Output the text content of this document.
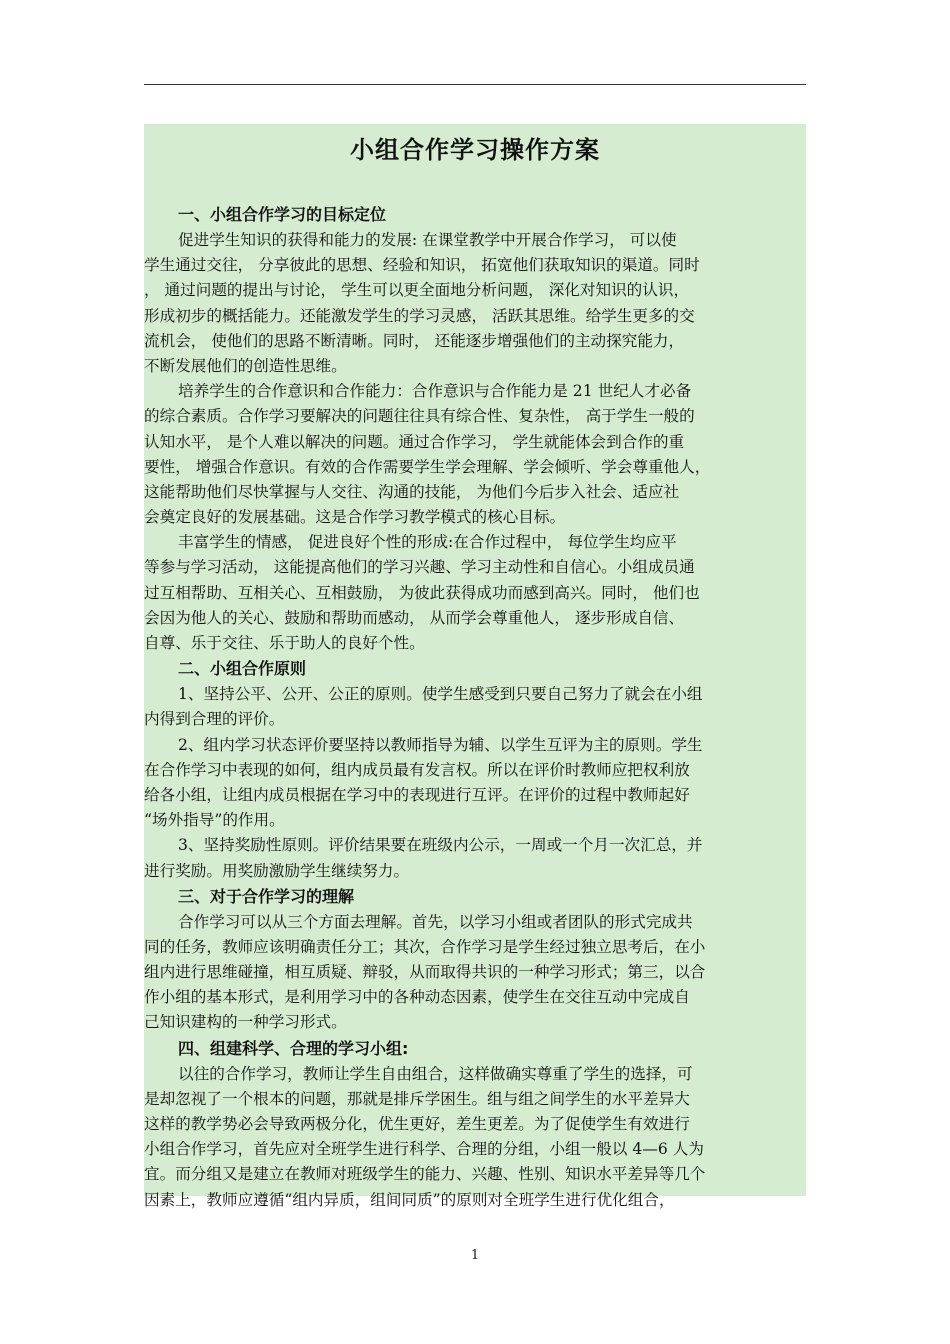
小组合作学习操作方案
一、小组合作学习的目标定位
促进学生知识的获得和能力的发展: 在课堂教学中开展合作学习， 可以使
学生通过交往， 分享彼此的思想、经验和知识， 拓宽他们获取知识的渠道。同时
， 通过问题的提出与讨论， 学生可以更全面地分析问题， 深化对知识的认识，
形成初步的概括能力。还能激发学生的学习灵感， 活跃其思维。给学生更多的交
流机会， 使他们的思路不断清晰。同时， 还能逐步增强他们的主动探究能力，
不断发展他们的创造性思维。
培养学生的合作意识和合作能力：合作意识与合作能力是 21 世纪人才必备
的综合素质。合作学习要解决的问题往往具有综合性、复杂性， 高于学生一般的
认知水平， 是个人难以解决的问题。通过合作学习， 学生就能体会到合作的重
要性， 增强合作意识。有效的合作需要学生学会理解、学会倾听、学会尊重他人，
这能帮助他们尽快掌握与人交往、沟通的技能， 为他们今后步入社会、适应社
会奠定良好的发展基础。这是合作学习教学模式的核心目标。
丰富学生的情感， 促进良好个性的形成:在合作过程中， 每位学生均应平
等参与学习活动， 这能提高他们的学习兴趣、学习主动性和自信心。小组成员通
过互相帮助、互相关心、互相鼓励， 为彼此获得成功而感到高兴。同时， 他们也
会因为他人的关心、鼓励和帮助而感动， 从而学会尊重他人， 逐步形成自信、
自尊、乐于交往、乐于助人的良好个性。
二、小组合作原则
1、坚持公平、公开、公正的原则。使学生感受到只要自己努力了就会在小组
内得到合理的评价。
2、组内学习状态评价要坚持以教师指导为辅、以学生互评为主的原则。学生
在合作学习中表现的如何，组内成员最有发言权。所以在评价时教师应把权利放
给各小组，让组内成员根据在学习中的表现进行互评。在评价的过程中教师起好
“场外指导”的作用。
3、坚持奖励性原则。评价结果要在班级内公示，一周或一个月一次汇总，并
进行奖励。用奖励激励学生继续努力。
三、对于合作学习的理解
合作学习可以从三个方面去理解。首先，以学习小组或者团队的形式完成共
同的任务，教师应该明确责任分工；其次，合作学习是学生经过独立思考后，在小
组内进行思维碰撞，相互质疑、辩驳，从而取得共识的一种学习形式；第三，以合
作小组的基本形式，是利用学习中的各种动态因素，使学生在交往互动中完成自
己知识建构的一种学习形式。
四、组建科学、合理的学习小组:
以往的合作学习，教师让学生自由组合，这样做确实尊重了学生的选择，可
是却忽视了一个根本的问题，那就是排斥学困生。组与组之间学生的水平差异大
这样的教学势必会导致两极分化，优生更好，差生更差。为了促使学生有效进行
小组合作学习，首先应对全班学生进行科学、合理的分组，小组一般以 4—6 人为
宜。而分组又是建立在教师对班级学生的能力、兴趣、性别、知识水平差异等几个
因素上，教师应遵循“组内异质，组间同质”的原则对全班学生进行优化组合，
1
